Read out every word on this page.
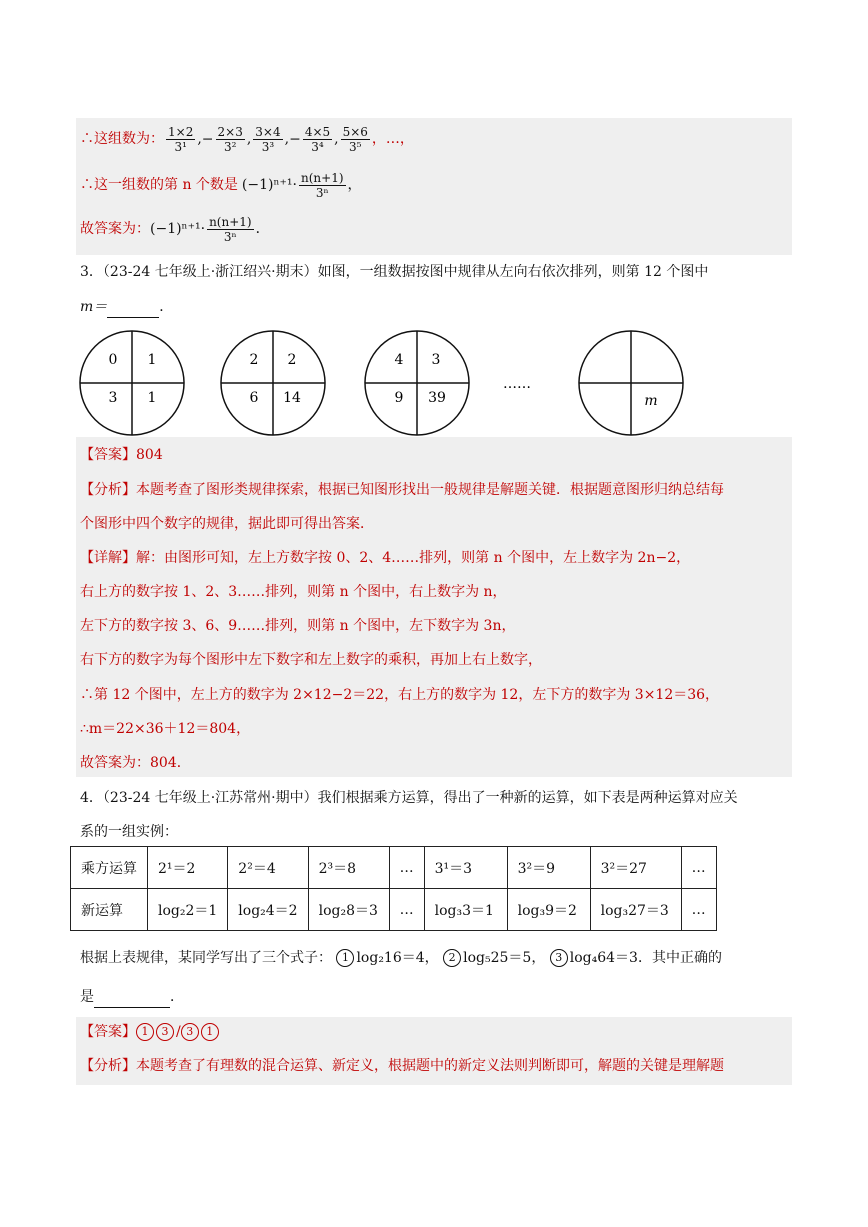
∴这组数为： $\frac{1\times 2}{\text{3¹}}$ , − $\frac{2\times 3}{\text{3²}}$ , $\frac{3\times 4}{\text{3³}}$ , − $\frac{4\times 5}{\text{3⁴}}$ , $\frac{5\times 6}{\text{3⁵}}$ ，…，
∴这一组数的第 n 个数是 $(-1)^{n+1}\cdot \frac{n(n+1)}{\text{3ⁿ}}$ ，
故答案为： $(-1)^{n+1}\cdot \frac{n(n+1)}{\text{3ⁿ}}$ ．
3．（23-24 七年级上·浙江绍兴·期末）如图，一组数据按图中规律从左向右依次排列，则第 12 个图中
m＝	．
0 1
3 1
2 2
6 14
4 3
9 39
……
m
【答案】804
【分析】本题考查了图形类规律探索，根据已知图形找出一般规律是解题关键．根据题意图形归纳总结每
个图形中四个数字的规律，据此即可得出答案．
【详解】解：由图形可知，左上方数字按 0、2、4……排列，则第 n 个图中，左上数字为 2n−2，
右上方的数字按 1、2、3……排列，则第 n 个图中，右上数字为 n，
左下方的数字按 3、6、9……排列，则第 n 个图中，左下数字为 3n，
右下方的数字为每个图形中左下数字和左上数字的乘积，再加上右上数字，
∴第 12 个图中，左上方的数字为 2×12−2＝22，右上方的数字为 12，左下方的数字为 3×12＝36，
∴m＝22×36＋12＝804，
故答案为：804．
4．（23-24 七年级上·江苏常州·期中）我们根据乘方运算，得出了一种新的运算，如下表是两种运算对应关
系的一组实例：
乘方运算	2¹＝2	2²＝4	2³＝8	…	3¹＝3	3²＝9	3²＝27	…
新运算	log₂2＝1	log₂4＝2	log₂8＝3	…	log₃3＝1	log₃9＝2	log₃27＝3	…
根据上表规律，某同学写出了三个式子： 1 log₂16＝4， 2 log₅25＝5， 3 log₄64＝3．其中正确的
是	．
【答案】 1 3 / 3 1
【分析】本题考查了有理数的混合运算、新定义，根据题中的新定义法则判断即可，解题的关键是理解题
